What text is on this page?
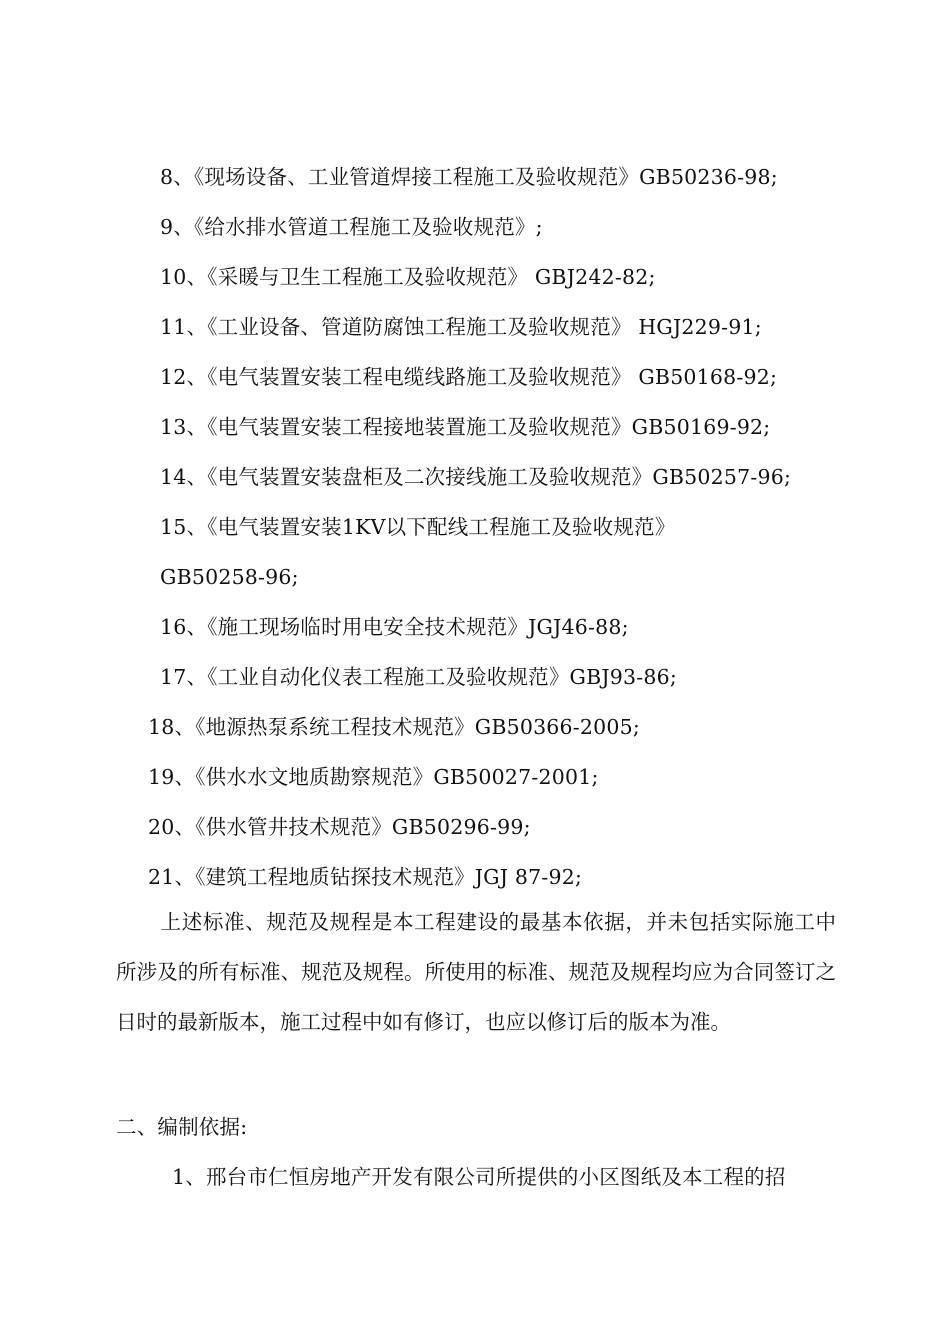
8、《现场设备、工业管道焊接工程施工及验收规范》GB50236-98;
9、《给水排水管道工程施工及验收规范》;
10、《采暖与卫生工程施工及验收规范》 GBJ242-82;
11、《工业设备、管道防腐蚀工程施工及验收规范》 HGJ229-91;
12、《电气装置安装工程电缆线路施工及验收规范》 GB50168-92;
13、《电气装置安装工程接地装置施工及验收规范》GB50169-92;
14、《电气装置安装盘柜及二次接线施工及验收规范》GB50257-96;
15、《电气装置安装1KV以下配线工程施工及验收规范》
GB50258-96;
16、《施工现场临时用电安全技术规范》JGJ46-88;
17、《工业自动化仪表工程施工及验收规范》GBJ93-86;
18、《地源热泵系统工程技术规范》GB50366-2005;
19、《供水水文地质勘察规范》GB50027-2001;
20、《供水管井技术规范》GB50296-99;
21、《建筑工程地质钻探技术规范》JGJ 87-92;
上述标准、规范及规程是本工程建设的最基本依据，并未包括实际施工中所涉及的所有标准、规范及规程。所使用的标准、规范及规程均应为合同签订之日时的最新版本，施工过程中如有修订，也应以修订后的版本为准。
二、编制依据:
1、邢台市仁恒房地产开发有限公司所提供的小区图纸及本工程的招
